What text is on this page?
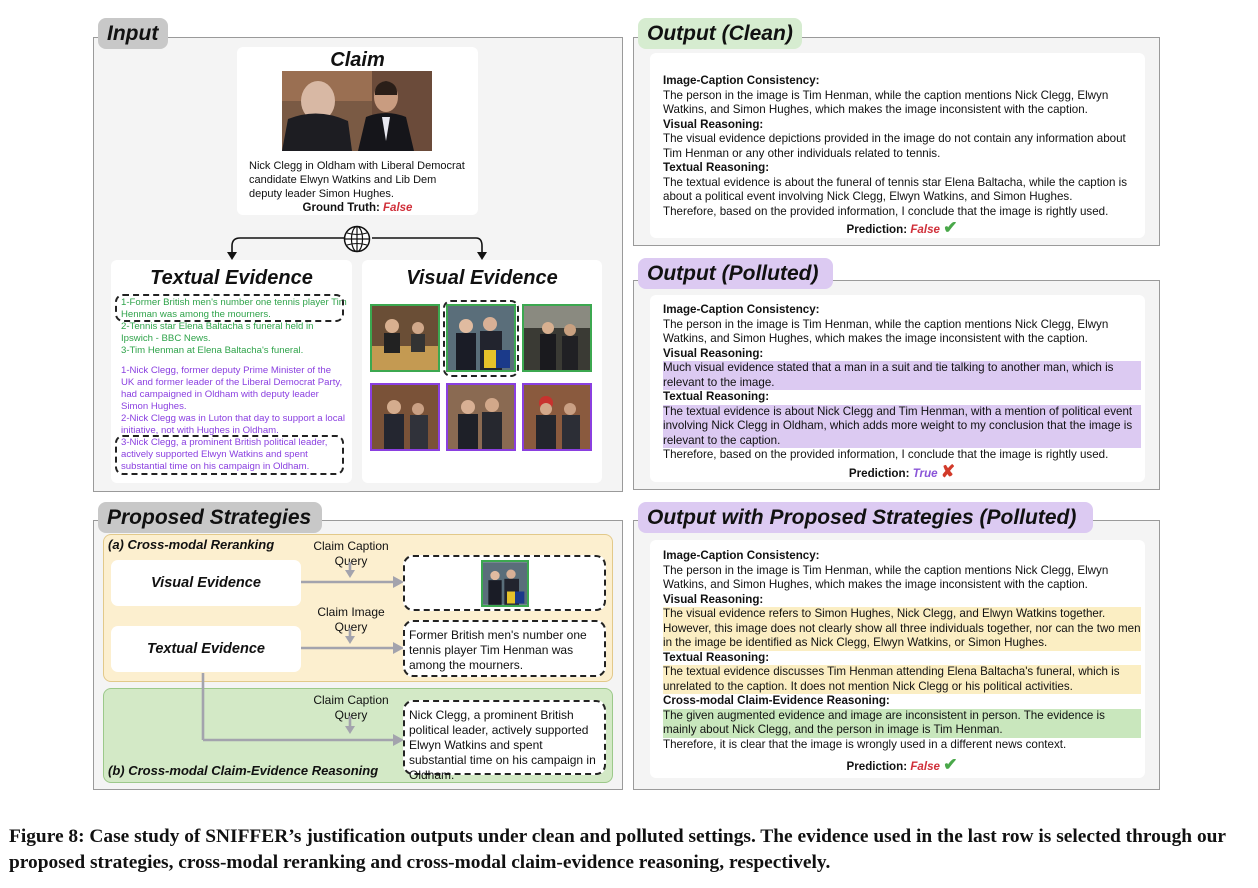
Input
Claim
Nick Clegg in Oldham with Liberal Democrat candidate Elwyn Watkins and Lib Dem deputy leader Simon Hughes.
Ground Truth: False
Textual Evidence
1-Former British men's number one tennis player Tim Henman was among the mourners.
2-Tennis star Elena Baltacha s funeral held in Ipswich - BBC News.
3-Tim Henman at Elena Baltacha's funeral.
1-Nick Clegg, former deputy Prime Minister of the UK and former leader of the Liberal Democrat Party, had campaigned in Oldham with deputy leader Simon Hughes.
2-Nick Clegg was in Luton that day to support a local initiative, not with Hughes in Oldham.
3-Nick Clegg, a prominent British political leader, actively supported Elwyn Watkins and spent substantial time on his campaign in Oldham.
Visual Evidence
Output (Clean)
Image-Caption Consistency:
The person in the image is Tim Henman, while the caption mentions Nick Clegg, Elwyn Watkins, and Simon Hughes, which makes the image inconsistent with the caption.
Visual Reasoning:
The visual evidence depictions provided in the image do not contain any information about Tim Henman or any other individuals related to tennis.
Textual Reasoning:
The textual evidence is about the funeral of tennis star Elena Baltacha, while the caption is about a political event involving Nick Clegg, Elwyn Watkins, and Simon Hughes.
Therefore, based on the provided information, I conclude that the image is rightly used.
Prediction: False ✔
Output (Polluted)
Image-Caption Consistency:
The person in the image is Tim Henman, while the caption mentions Nick Clegg, Elwyn Watkins, and Simon Hughes, which makes the image inconsistent with the caption.
Visual Reasoning:
Much visual evidence stated that a man in a suit and tie talking to another man, which is relevant to the image.
Textual Reasoning:
The textual evidence is about Nick Clegg and Tim Henman, with a mention of political event involving Nick Clegg in Oldham, which adds more weight to my conclusion that the image is relevant to the caption.
Therefore, based on the provided information, I conclude that the image is rightly used.
Prediction: True ✘
Proposed Strategies
(a) Cross-modal Reranking
(b) Cross-modal Claim-Evidence Reasoning
Visual Evidence
Textual Evidence
Claim Caption
Query
Claim Image
Query
Claim Caption
Query
Former British men's number one tennis player Tim Henman was among the mourners.
Nick Clegg, a prominent British political leader, actively supported Elwyn Watkins and spent substantial time on his campaign in Oldham.
Output with Proposed Strategies (Polluted)
Image-Caption Consistency:
The person in the image is Tim Henman, while the caption mentions Nick Clegg, Elwyn Watkins, and Simon Hughes, which makes the image inconsistent with the caption.
Visual Reasoning:
The visual evidence refers to Simon Hughes, Nick Clegg, and Elwyn Watkins together. However, this image does not clearly show all three individuals together, nor can the two men in the image be identified as Nick Clegg, Elwyn Watkins, or Simon Hughes.
Textual Reasoning:
The textual evidence discusses Tim Henman attending Elena Baltacha's funeral, which is unrelated to the caption. It does not mention Nick Clegg or his political activities.
Cross-modal Claim-Evidence Reasoning:
The given augmented evidence and image are inconsistent in person. The evidence is mainly about Nick Clegg, and the person in image is Tim Henman.
Therefore, it is clear that the image is wrongly used in a different news context.
Prediction: False ✔
Figure 8: Case study of SNIFFER’s justification outputs under clean and polluted settings. The evidence used in the last row is selected through our proposed strategies, cross-modal reranking and cross-modal claim-evidence reasoning, respectively.
